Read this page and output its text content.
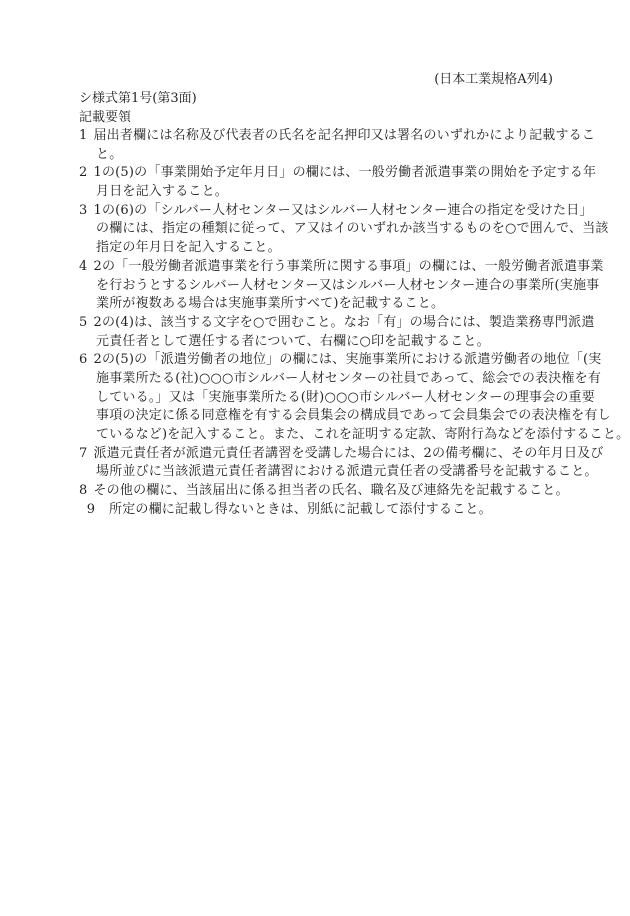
(日本工業規格A列4)
シ様式第1号(第3面)
記載要領
1 届出者欄には名称及び代表者の氏名を記名押印又は署名のいずれかにより記載するこ
と。
2 1の(5)の「事業開始予定年月日」の欄には、一般労働者派遣事業の開始を予定する年
月日を記入すること。
3 1の(6)の「シルバー人材センター又はシルバー人材センター連合の指定を受けた日」
の欄には、指定の種類に従って、ア又はイのいずれか該当するものを○で囲んで、当該
指定の年月日を記入すること。
4 2の「一般労働者派遣事業を行う事業所に関する事項」の欄には、一般労働者派遣事業
を行おうとするシルバー人材センター又はシルバー人材センター連合の事業所(実施事
業所が複数ある場合は実施事業所すべて)を記載すること。
5 2の(4)は、該当する文字を○で囲むこと。なお「有」の場合には、製造業務専門派遣
元責任者として選任する者について、右欄に○印を記載すること。
6 2の(5)の「派遣労働者の地位」の欄には、実施事業所における派遣労働者の地位「(実
施事業所たる(社)○○○市シルバー人材センターの社員であって、総会での表決権を有
している。」又は「実施事業所たる(財)○○○市シルバー人材センターの理事会の重要
事項の決定に係る同意権を有する会員集会の構成員であって会員集会での表決権を有し
ているなど)を記入すること。また、これを証明する定款、寄附行為などを添付すること。
7 派遣元責任者が派遣元責任者講習を受講した場合には、2の備考欄に、その年月日及び
場所並びに当該派遣元責任者講習における派遣元責任者の受講番号を記載すること。
8 その他の欄に、当該届出に係る担当者の氏名、職名及び連絡先を記載すること。
9	所定の欄に記載し得ないときは、別紙に記載して添付すること。
